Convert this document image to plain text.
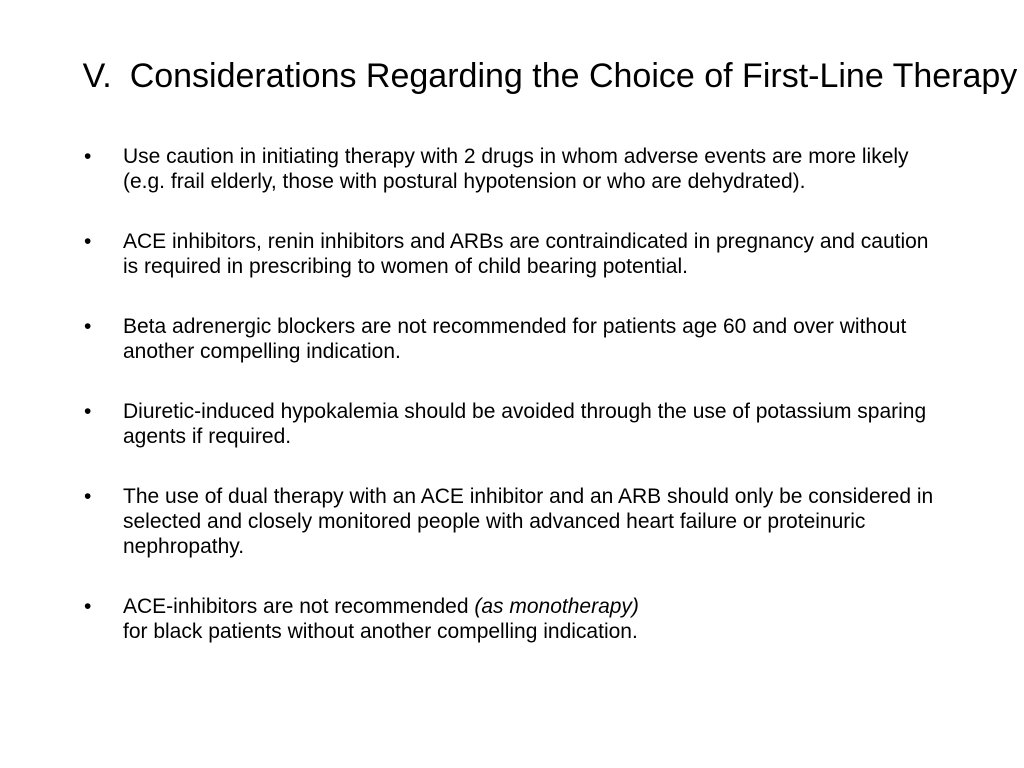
V. Considerations Regarding the Choice of First-Line Therapy
• Use caution in initiating therapy with 2 drugs in whom adverse events are more likely (e.g. frail elderly, those with postural hypotension or who are dehydrated).
• ACE inhibitors, renin inhibitors and ARBs are contraindicated in pregnancy and caution is required in prescribing to women of child bearing potential.
• Beta adrenergic blockers are not recommended for patients age 60 and over without another compelling indication.
• Diuretic-induced hypokalemia should be avoided through the use of potassium sparing agents if required.
• The use of dual therapy with an ACE inhibitor and an ARB should only be considered in selected and closely monitored people with advanced heart failure or proteinuric nephropathy.
• ACE-inhibitors are not recommended (as monotherapy)
for black patients without another compelling indication.
